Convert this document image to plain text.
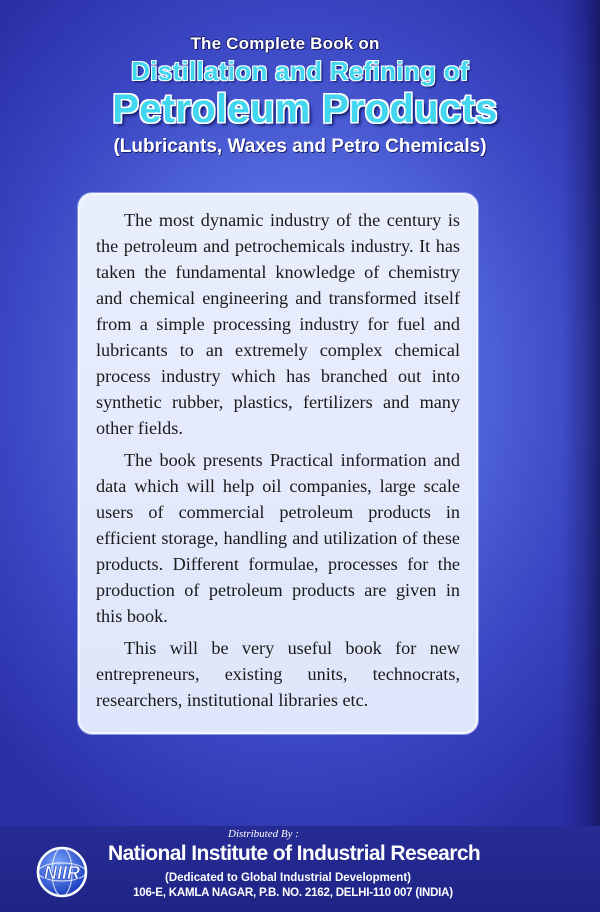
The Complete Book on
Distillation and Refining of
Petroleum Products
(Lubricants, Waxes and Petro Chemicals)

The most dynamic industry of the century is the petroleum and petrochemicals industry. It has taken the fundamental knowledge of chemistry and chemical engineering and transformed itself from a simple processing industry for fuel and lubricants to an extremely complex chemical process industry which has branched out into synthetic rubber, plastics, fertilizers and many other fields.

The book presents Practical information and data which will help oil companies, large scale users of commercial petroleum products in efficient storage, handling and utilization of these products. Different formulae, processes for the production of petroleum products are given in this book.

This will be very useful book for new entrepreneurs, existing units, technocrats, researchers, institutional libraries etc.

NIIR
Distributed By :
National Institute of Industrial Research
(Dedicated to Global Industrial Development)
106-E, KAMLA NAGAR, P.B. NO. 2162, DELHI-110 007 (INDIA)
